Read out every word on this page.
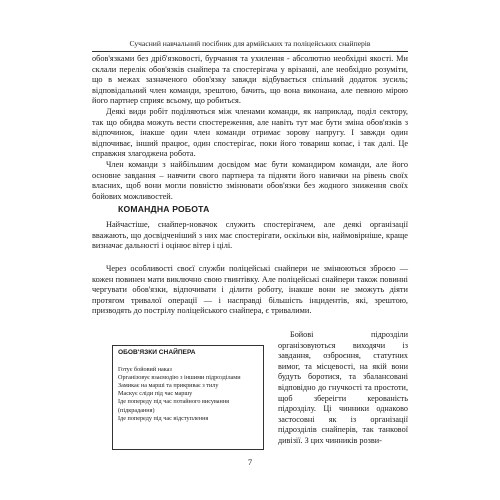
Сучасний навчальний посібник для армійських та поліцейських снайперів

обов'язками без дріб'язковості, бурчання та ухилення - абсолютно необхідні якості. Ми склали перелік обов'язків снайпера та спостерігача у врізанні, але необхідно розуміти, що в межах зазначеного обов'язку завжди відбувається спільний додаток зусиль; відповідальний член команди, зрештою, бачить, що вона виконана, але певною мірою його партнер сприяє всьому, що робиться.

Деякі види робіт поділяються між членами команди, як наприклад, поділ сектору, так що обидва можуть вести спостереження, але навіть тут має бути зміна обов'язків з відпочинок, інакше один член команди отримає зорову напругу. І завжди один відпочиває, інший працює, один спостерігає, поки його товариш копає, і так далі. Це справжня злагоджена робота.

Член команди з найбільшим досвідом має бути командиром команди, але його основне завдання – навчити свого партнера та підняти його навички на рівень своїх власних, щоб вони могли повністю змінювати обов'язки без жодного зниження своїх бойових можливостей.

КОМАНДНА РОБОТА

Найчастіше, снайпер-новачок служить спостерігачем, але деякі організації вважають, що досвідченіший з них має спостерігати, оскільки він, наймовірніше, краще визначає дальності і оцінює вітер і цілі.

Через особливості своєї служби поліцейські снайпери не змінюються зброєю — кожен повинен мати виключно свою гвинтівку. Але поліцейські снайпери також повинні чергувати обов'язки, відпочивати і ділити роботу, інакше вони не зможуть діяти протягом тривалої операції — і насправді більшість інцидентів, які, зрештою, призводять до пострілу поліцейського снайпера, є тривалими.

ОБОВ'ЯЗКИ СНАЙПЕРА

Готує бойовий наказ

Організовує взаємодію з іншими підрозділами

Замикає на марші та прикриває з тилу

Маскує сліди під час маршу

Ідe попереду під час потайного висування (підкрадання)

Ідe попереду під час відступлення

Бойові підрозділи організовуються виходячи із завдання, озброєння, статутних вимог, та місцевості, на якій вони будуть боротися, та збалансовані відповідно до гнучкості та простоти, щоб збереігти керованість підрозділу. Ці чинники однаково застосовні як із організації підрозділів снайперів, так танкової дивізії. З цих чинників розви-

7
